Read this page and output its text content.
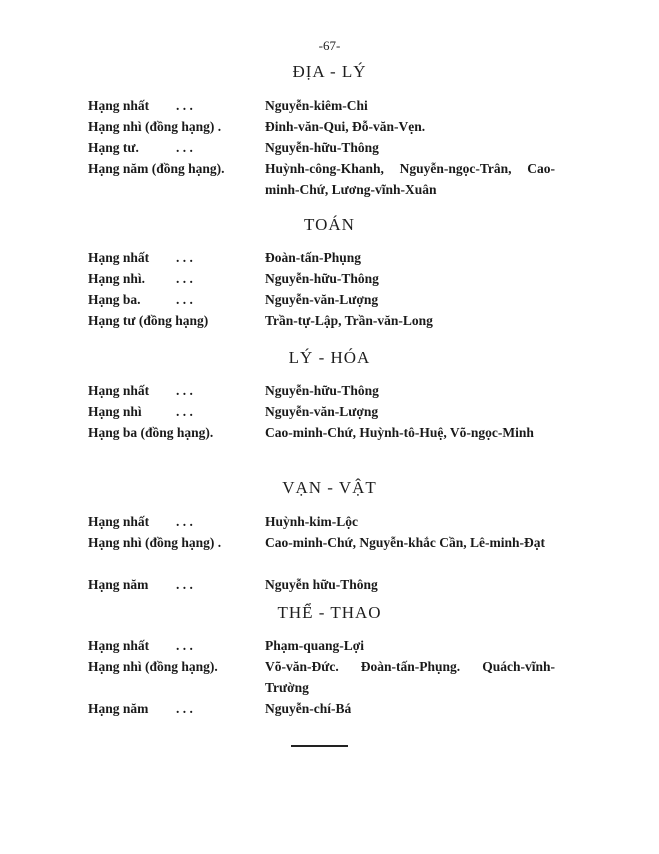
-67-
ĐỊA - LÝ
Hạng nhất	. . .	Nguyễn-kiêm-Chi
Hạng nhì (đồng hạng) .	Đinh-văn-Qui, Đỗ-văn-Vẹn.
Hạng tư.	. . .	Nguyễn-hữu-Thông
Hạng năm (đồng hạng).	Huỳnh-công-Khanh, Nguyễn-ngọc-Trân, Cao-minh-Chứ, Lương-vĩnh-Xuân
TOÁN
Hạng nhất	. . .	Đoàn-tấn-Phụng
Hạng nhì.	. . .	Nguyễn-hữu-Thông
Hạng ba.	. . .	Nguyễn-văn-Lượng
Hạng tư (đồng hạng)	Trần-tự-Lập, Trần-văn-Long
LÝ - HÓA
Hạng nhất	. . .	Nguyễn-hữu-Thông
Hạng nhì	. . .	Nguyễn-văn-Lượng
Hạng ba (đồng hạng).	Cao-minh-Chứ, Huỳnh-tô-Huệ, Võ-ngọc-Minh
VẠN - VẬT
Hạng nhất	. . .	Huỳnh-kim-Lộc
Hạng nhì (đồng hạng) .	Cao-minh-Chứ, Nguyễn-khắc Cần, Lê-minh-Đạt
Hạng năm	. . .	Nguyễn hữu-Thông
THỂ - THAO
Hạng nhất	. . .	Phạm-quang-Lợi
Hạng nhì (đồng hạng).	Võ-văn-Đức. Đoàn-tấn-Phụng. Quách-vĩnh-Trường
Hạng năm	. . .	Nguyễn-chí-Bá
